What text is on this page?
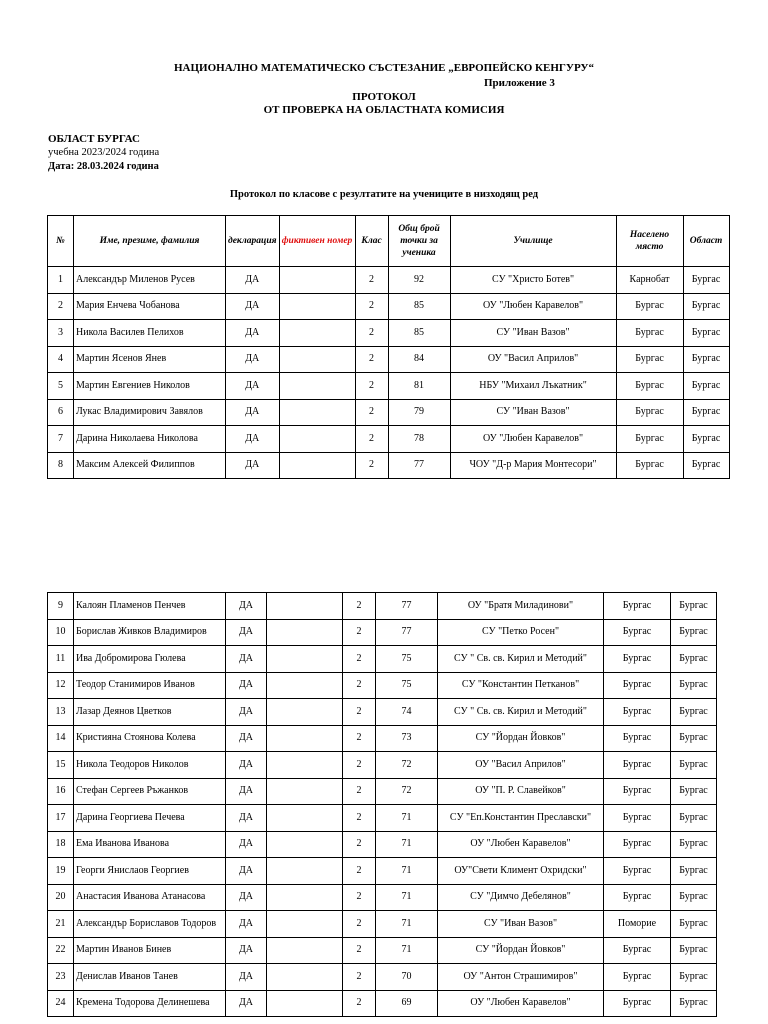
НАЦИОНАЛНО МАТЕМАТИЧЕСКО СЪСТЕЗАНИЕ „ЕВРОПЕЙСКО КЕНГУРУ“
Приложение 3
ПРОТОКОЛ
ОТ ПРОВЕРКА НА ОБЛАСТНАТА КОМИСИЯ
ОБЛАСТ БУРГАС
учебна 2023/2024 година
Дата: 28.03.2024 година
Протокол по класове с резултатите на учениците в низходящ ред
№	Име, презиме, фамилия	декларация	фиктивен номер	Клас	Общ брой точки за ученика	Училище	Населено място	Област
1	Александър Миленов Русев	ДА		2	92	СУ "Христо Ботев"	Карнобат	Бургас
2	Мария Енчева Чобанова	ДА		2	85	ОУ "Любен Каравелов"	Бургас	Бургас
3	Никола Василев Пелихов	ДА		2	85	СУ "Иван Вазов"	Бургас	Бургас
4	Мартин Ясенов Янев	ДА		2	84	ОУ "Васил Априлов"	Бургас	Бургас
5	Мартин Евгениев Николов	ДА		2	81	НБУ "Михаил Лъкатник"	Бургас	Бургас
6	Лукас Владимирович Завялов	ДА		2	79	СУ "Иван Вазов"	Бургас	Бургас
7	Дарина Николаева Николова	ДА		2	78	ОУ "Любен Каравелов"	Бургас	Бургас
8	Максим Алексей Филиппов	ДА		2	77	ЧОУ "Д-р Мария Монтесори"	Бургас	Бургас
9	Калоян Пламенов Пенчев	ДА		2	77	ОУ "Братя Миладинови"	Бургас	Бургас
10	Борислав Живков Владимиров	ДА		2	77	СУ "Петко Росен"	Бургас	Бургас
11	Ива Добромирова Гюлева	ДА		2	75	СУ " Св. св. Кирил и Методий"	Бургас	Бургас
12	Теодор Станимиров Иванов	ДА		2	75	СУ "Константин Петканов"	Бургас	Бургас
13	Лазар Деянов Цветков	ДА		2	74	СУ " Св. св. Кирил и Методий"	Бургас	Бургас
14	Кристияна Стоянова Колева	ДА		2	73	СУ "Йордан Йовков"	Бургас	Бургас
15	Никола Теодоров Николов	ДА		2	72	ОУ "Васил Априлов"	Бургас	Бургас
16	Стефан Сергеев Ръжанков	ДА		2	72	ОУ "П. Р. Славейков"	Бургас	Бургас
17	Дарина Георгиева Печева	ДА		2	71	СУ "Еп.Константин Преславски"	Бургас	Бургас
18	Ема Иванова Иванова	ДА		2	71	ОУ "Любен Каравелов"	Бургас	Бургас
19	Георги Янислаов Георгиев	ДА		2	71	ОУ"Свети Климент Охридски"	Бургас	Бургас
20	Анастасия Иванова Атанасова	ДА		2	71	СУ "Димчо Дебелянов"	Бургас	Бургас
21	Александър Бориславов Тодоров	ДА		2	71	СУ "Иван Вазов"	Поморие	Бургас
22	Мартин Иванов Бинев	ДА		2	71	СУ "Йордан Йовков"	Бургас	Бургас
23	Денислав Иванов Танев	ДА		2	70	ОУ "Антон Страшимиров"	Бургас	Бургас
24	Кремена Тодорова Делинешева	ДА		2	69	ОУ "Любен Каравелов"	Бургас	Бургас
